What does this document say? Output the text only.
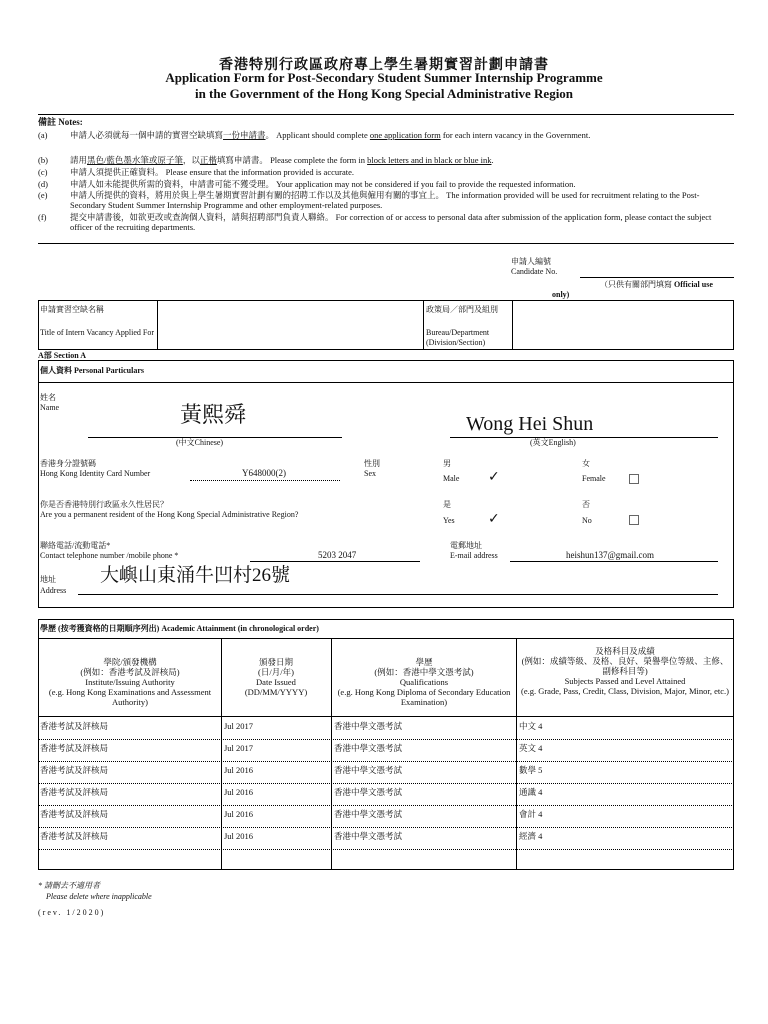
香港特別行政區政府專上學生暑期實習計劃申請書
Application Form for Post-Secondary Student Summer Internship Programme
in the Government of the Hong Kong Special Administrative Region
備註 Notes:
(a)	申請人必須就每一個申請的實習空缺填寫一份申請書。 Applicant should complete one application form for each intern vacancy in the Government.
(b)	請用黑色/藍色墨水筆或原子筆，以正楷填寫申請書。 Please complete the form in block letters and in black or blue ink.
(c)	申請人須提供正確資料。 Please ensure that the information provided is accurate.
(d)	申請人如未能提供所需的資料，申請書可能不獲受理。 Your application may not be considered if you fail to provide the requested information.
(e)	申請人所提供的資料，將用於與上學生暑期實習計劃有關的招聘工作以及其他與僱用有關的事宜上。 The information provided will be used for recruitment relating to the Post-Secondary Student Summer Internship Programme and other employment-related purposes.
(f)	提交申請書後，如欲更改或查詢個人資料，請與招聘部門負責人聯絡。 For correction of or access to personal data after submission of the application form, please contact the subject officer of the recruiting departments.
申請人編號
Candidate No.
（只供有關部門填寫 Official use
only)
申請實習空缺名稱
Title of Intern Vacancy Applied For
政策局／部門及組別
Bureau/Department (Division/Section)
A部 Section A
個人資料 Personal Particulars
姓名
Name	黃熙舜
(中文Chinese)
Wong Hei Shun
(英文English)
香港身分證號碼
Hong Kong Identity Card Number	Y648000(2)
性別
Sex
男
Male ✓
女
Female
你是否香港特別行政區永久性居民？
Are you a permanent resident of the Hong Kong Special Administrative Region?
是
Yes ✓
否
No
聯絡電話/流動電話*
Contact telephone number /mobile phone *	5203 2047
電郵地址
E-mail address	heishun137@gmail.com
地址
Address
大嶼山東涌牛凹村26號
學歷 (按考獲資格的日期順序列出) Academic Attainment (in chronological order)
學院/頒發機構
(例如：香港考試及評核局)
Institute/Issuing Authority
(e.g. Hong Kong Examinations and Assessment Authority)
頒發日期
(日/月/年)
Date Issued
(DD/MM/YYYY)
學歷
(例如：香港中學文憑考試)
Qualifications
(e.g. Hong Kong Diploma of Secondary Education Examination)
及格科目及成績
(例如：成績等級、及格、良好、榮譽學位等級、主修、副修科目等)
Subjects Passed and Level Attained
(e.g. Grade, Pass, Credit, Class, Division, Major, Minor, etc.)
香港考試及評核局	Jul 2017	香港中學文憑考試	中文 4
香港考試及評核局	Jul 2017	香港中學文憑考試	英文 4
香港考試及評核局	Jul 2016	香港中學文憑考試	數學 5
香港考試及評核局	Jul 2016	香港中學文憑考試	通識 4
香港考試及評核局	Jul 2016	香港中學文憑考試	會計 4
香港考試及評核局	Jul 2016	香港中學文憑考試	經濟 4
* 請刪去不適用者
Please delete where inapplicable
(rev. 1/2020)
